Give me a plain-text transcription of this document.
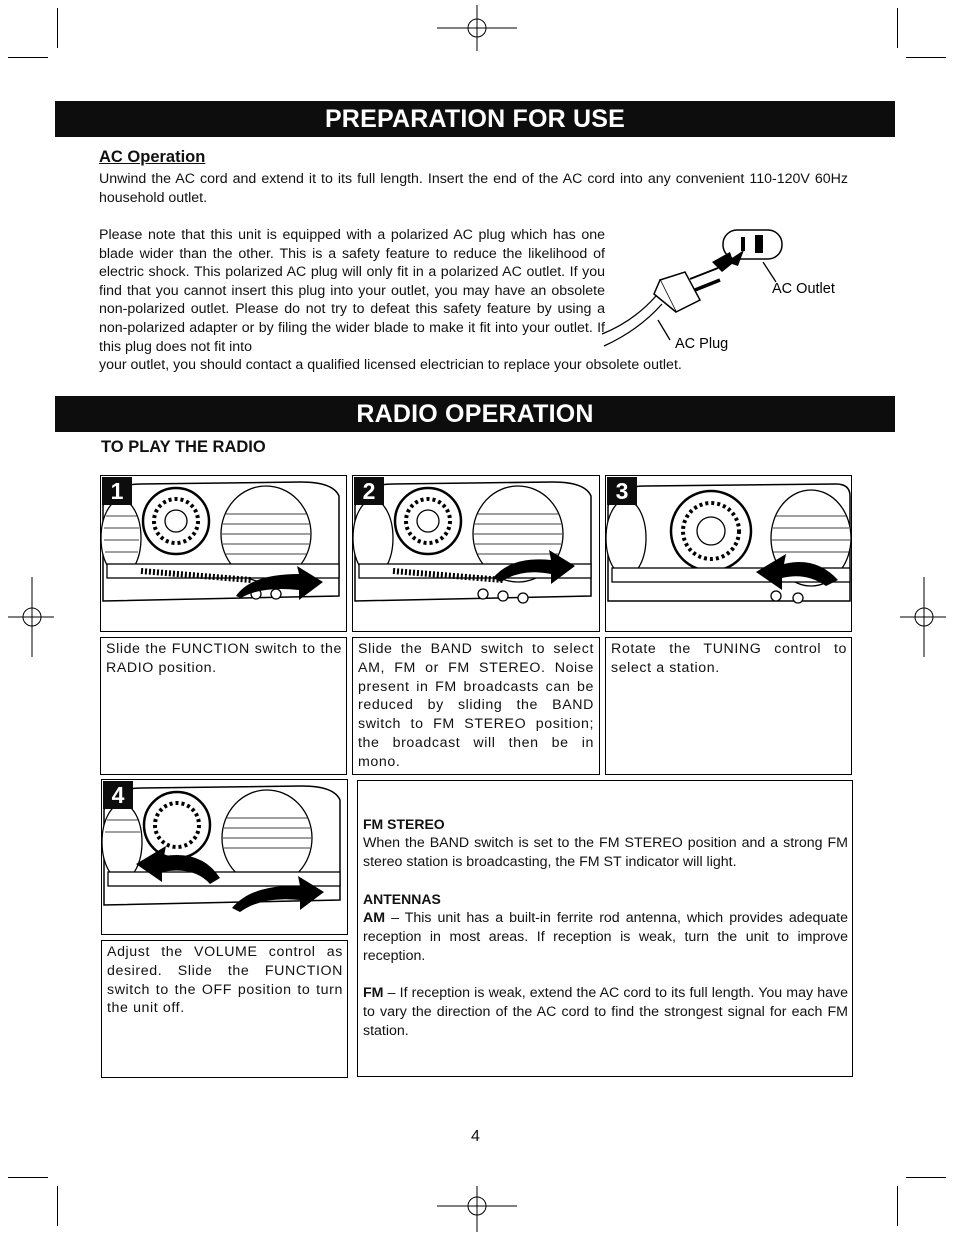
PREPARATION FOR USE
AC Operation
Unwind the AC cord and extend it to its full length. Insert the end of the AC cord into any convenient 110-120V 60Hz household outlet.
Please note that this unit is equipped with a polarized AC plug which has one blade wider than the other. This is a safety feature to reduce the likelihood of electric shock. This polarized AC plug will only fit in a polarized AC outlet. If you find that you cannot insert this plug into your outlet, you may have an obsolete non-polarized outlet. Please do not try to defeat this safety feature by using a non-polarized adapter or by filing the wider blade to make it fit into your outlet. If this plug does not fit into
your outlet, you should contact a qualified licensed electrician to replace your obsolete outlet.
AC Outlet
AC Plug
RADIO OPERATION
TO PLAY THE RADIO
1	2	3
Slide the FUNCTION switch to the RADIO position.
Slide the BAND switch to select AM, FM or FM STEREO. Noise present in FM broadcasts can be reduced by sliding the BAND switch to FM STEREO position; the broadcast will then be in mono.
Rotate the TUNING control to select a station.
4
Adjust the VOLUME control as desired. Slide the FUNCTION switch to the OFF position to turn the unit off.
FM STEREO
When the BAND switch is set to the FM STEREO position and a strong FM stereo station is broadcasting, the FM ST indicator will light.
ANTENNAS
AM – This unit has a built-in ferrite rod antenna, which provides adequate reception in most areas. If reception is weak, turn the unit to improve reception.
FM – If reception is weak, extend the AC cord to its full length. You may have to vary the direction of the AC cord to find the strongest signal for each FM station.
4
